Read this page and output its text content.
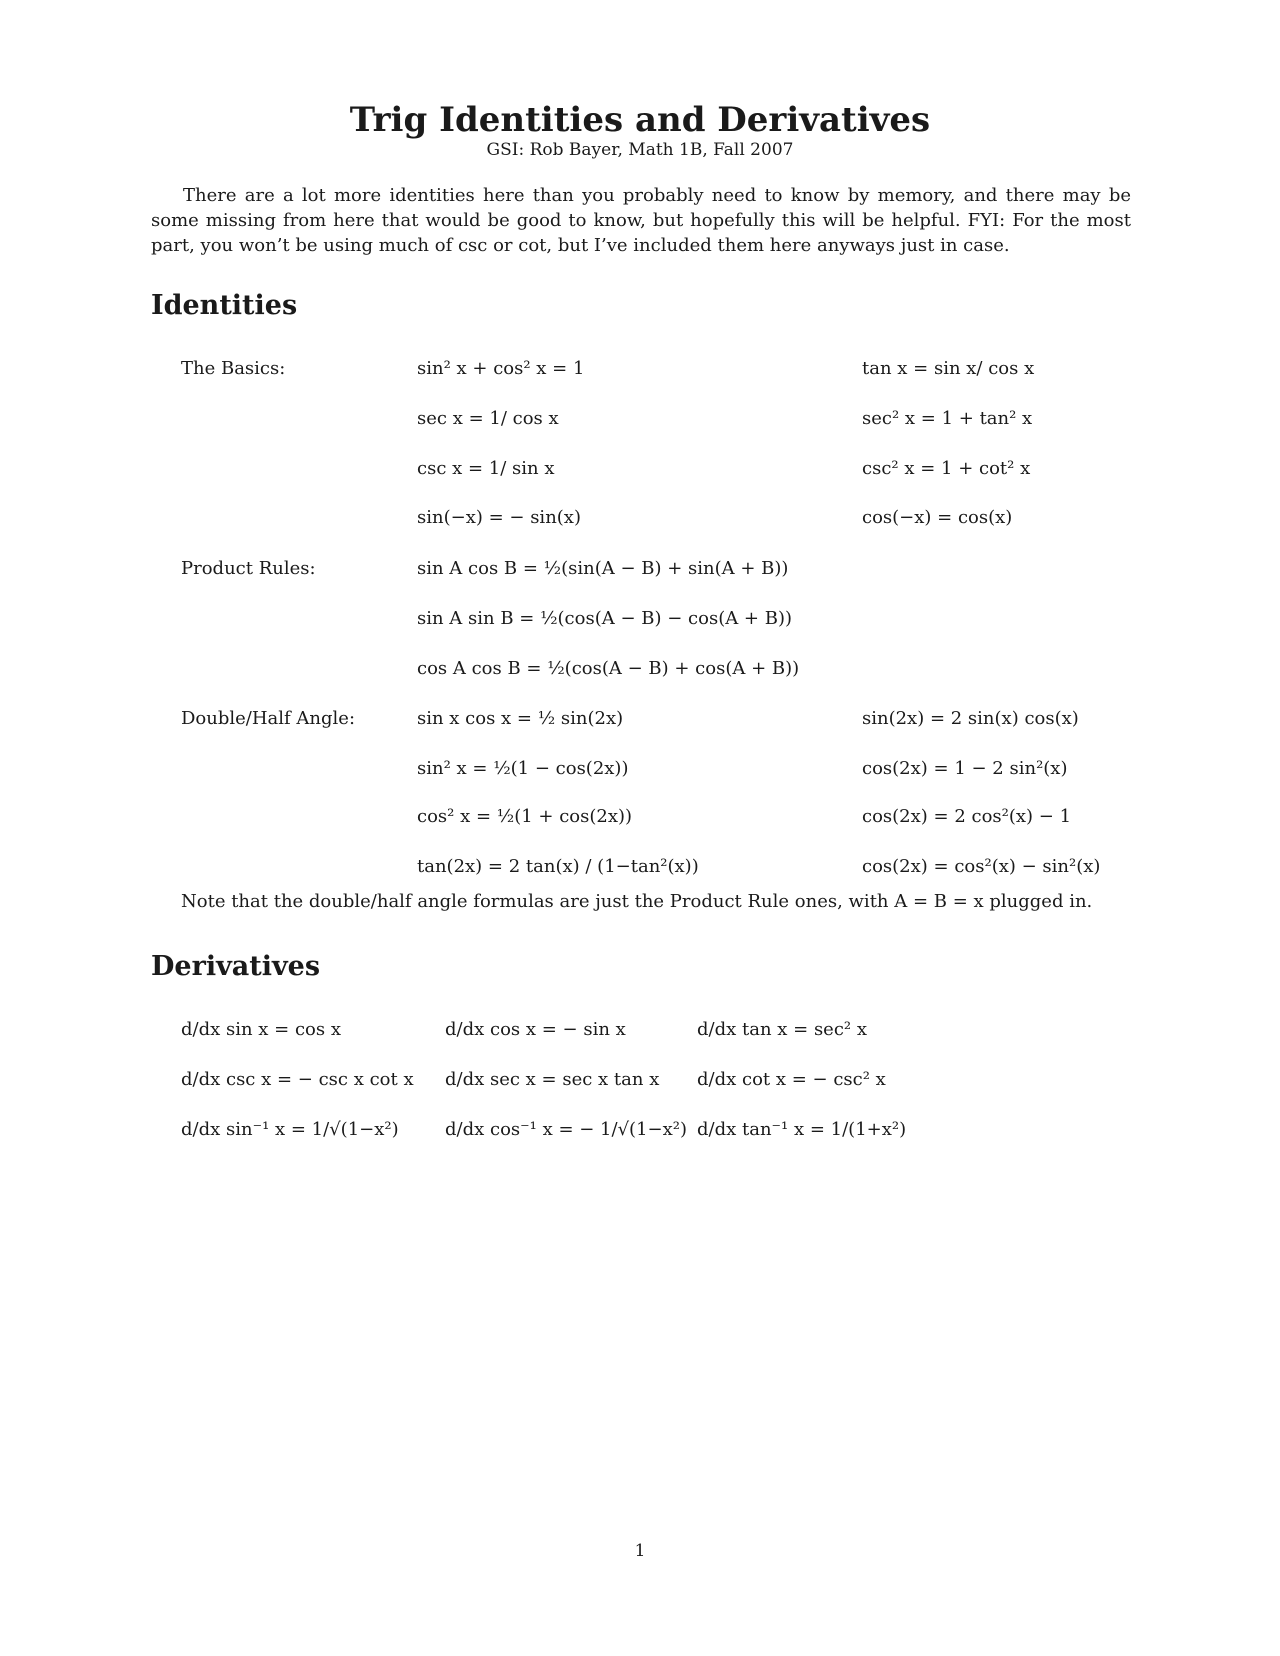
Trig Identities and Derivatives
GSI: Rob Bayer, Math 1B, Fall 2007

There are a lot more identities here than you probably need to know by memory, and there may be some missing from here that would be good to know, but hopefully this will be helpful. FYI: For the most part, you won’t be using much of csc or cot, but I’ve included them here anyways just in case.

Identities
The Basics:	sin² x + cos² x = 1	tan x = sin x/ cos x
sec x = 1/ cos x	sec² x = 1 + tan² x
csc x = 1/ sin x	csc² x = 1 + cot² x
sin(−x) = − sin(x)	cos(−x) = cos(x)
Product Rules:	sin A cos B = ½(sin(A − B) + sin(A + B))
sin A sin B = ½(cos(A − B) − cos(A + B))
cos A cos B = ½(cos(A − B) + cos(A + B))
Double/Half Angle:	sin x cos x = ½ sin(2x)	sin(2x) = 2 sin(x) cos(x)
sin² x = ½(1 − cos(2x))	cos(2x) = 1 − 2 sin²(x)
cos² x = ½(1 + cos(2x))	cos(2x) = 2 cos²(x) − 1
tan(2x) = 2 tan(x) / (1−tan²(x))	cos(2x) = cos²(x) − sin²(x)
Note that the double/half angle formulas are just the Product Rule ones, with A = B = x plugged in.
Derivatives
d/dx sin x = cos x	d/dx cos x = − sin x	d/dx tan x = sec² x
d/dx csc x = − csc x cot x d/dx sec x = sec x tan x d/dx cot x = − csc² x
d/dx sin⁻¹ x = 1/√(1−x²)	d/dx cos⁻¹ x = − 1/√(1−x²) d/dx tan⁻¹ x = 1/(1+x²)
1
